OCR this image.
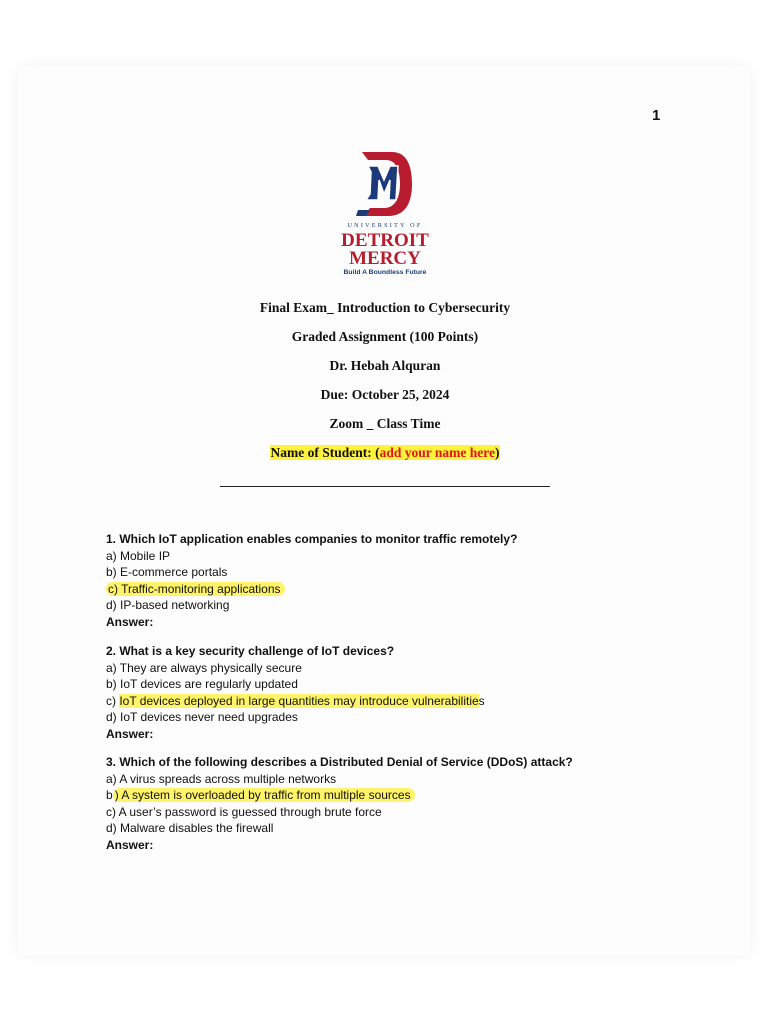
1
UNIVERSITY OF
DETROIT
MERCY
Build A Boundless Future
Final Exam_ Introduction to Cybersecurity
Graded Assignment (100 Points)
Dr. Hebah Alquran
Due: October 25, 2024
Zoom _ Class Time
Name of Student: (add your name here)
1. Which IoT application enables companies to monitor traffic remotely?
a) Mobile IP
b) E-commerce portals
c) Traffic-monitoring applications
d) IP-based networking
Answer:
2. What is a key security challenge of IoT devices?
a) They are always physically secure
b) IoT devices are regularly updated
c) IoT devices deployed in large quantities may introduce vulnerabilities
d) IoT devices never need upgrades
Answer:
3. Which of the following describes a Distributed Denial of Service (DDoS) attack?
a) A virus spreads across multiple networks
b ) A system is overloaded by traffic from multiple sources
c) A user’s password is guessed through brute force
d) Malware disables the firewall
Answer:
